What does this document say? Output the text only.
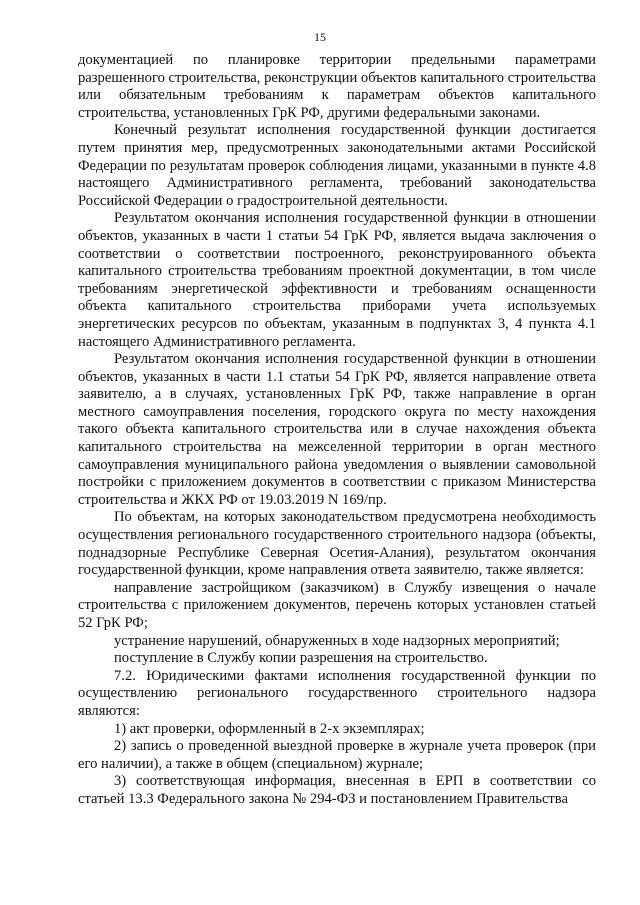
15

документацией по планировке территории предельными параметрами разрешенного строительства, реконструкции объектов капитального строительства или обязательным требованиям к параметрам объектов капитального строительства, установленных ГрК РФ, другими федеральными законами.

Конечный результат исполнения государственной функции достигается путем принятия мер, предусмотренных законодательными актами Российской Федерации по результатам проверок соблюдения лицами, указанными в пункте 4.8 настоящего Административного регламента, требований законодательства Российской Федерации о градостроительной деятельности.

Результатом окончания исполнения государственной функции в отношении объектов, указанных в части 1 статьи 54 ГрК РФ, является выдача заключения о соответствии о соответствии построенного, реконструированного объекта капитального строительства требованиям проектной документации, в том числе требованиям энергетической эффективности и требованиям оснащенности объекта капитального строительства приборами учета используемых энергетических ресурсов по объектам, указанным в подпунктах 3, 4 пункта 4.1 настоящего Административного регламента.

Результатом окончания исполнения государственной функции в отношении объектов, указанных в части 1.1 статьи 54 ГрК РФ, является направление ответа заявителю, а в случаях, установленных ГрК РФ, также направление в орган местного самоуправления поселения, городского округа по месту нахождения такого объекта капитального строительства или в случае нахождения объекта капитального строительства на межселенной территории в орган местного самоуправления муниципального района уведомления о выявлении самовольной постройки с приложением документов в соответствии с приказом Министерства строительства и ЖКХ РФ от 19.03.2019 N 169/пр.

По объектам, на которых законодательством предусмотрена необходимость осуществления регионального государственного строительного надзора (объекты, поднадзорные Республике Северная Осетия-Алания), результатом окончания государственной функции, кроме направления ответа заявителю, также является:

направление застройщиком (заказчиком) в Службу извещения о начале строительства с приложением документов, перечень которых установлен статьей 52 ГрК РФ;

устранение нарушений, обнаруженных в ходе надзорных мероприятий;

поступление в Службу копии разрешения на строительство.

7.2. Юридическими фактами исполнения государственной функции по осуществлению регионального государственного строительного надзора являются:

1) акт проверки, оформленный в 2-х экземплярах;

2) запись о проведенной выездной проверке в журнале учета проверок (при его наличии), а также в общем (специальном) журнале;

3) соответствующая информация, внесенная в ЕРП в соответствии со статьей 13.3 Федерального закона № 294-ФЗ и постановлением Правительства
